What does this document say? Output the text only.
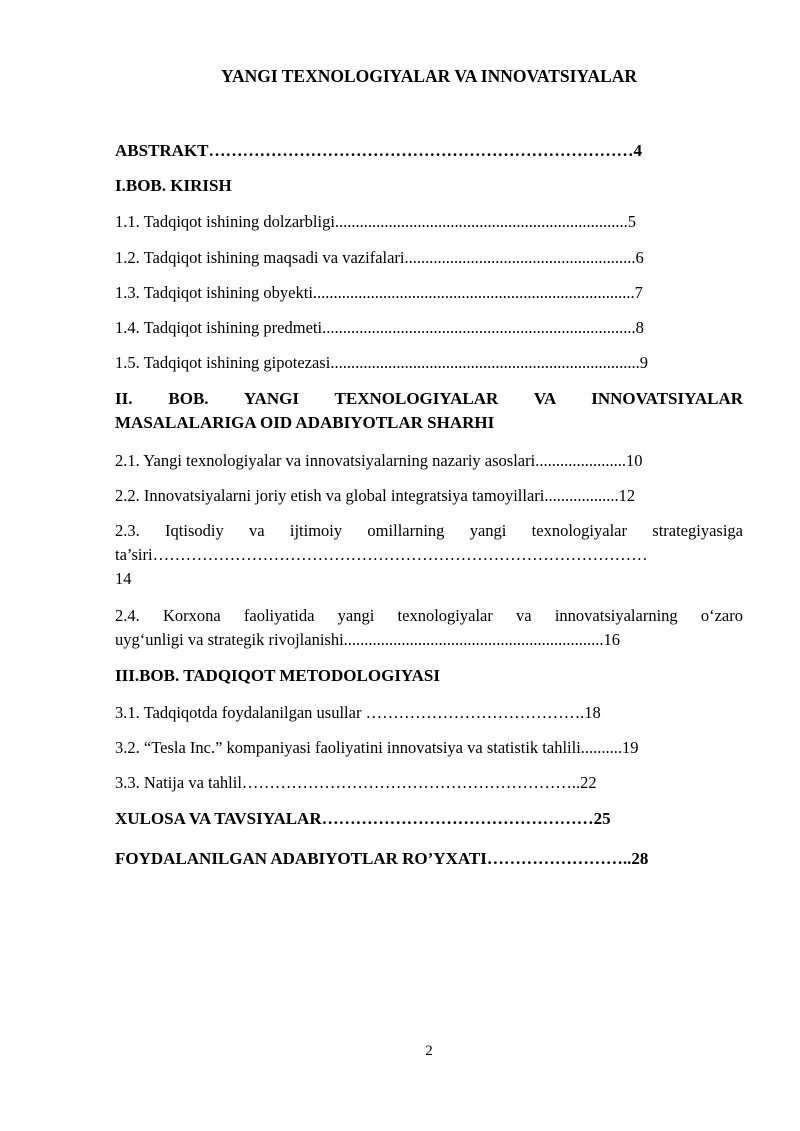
YANGI TEXNOLOGIYALAR VA INNOVATSIYALAR
ABSTRAKT…………………………………………………………………4
I.BOB. KIRISH
1.1. Tadqiqot ishining dolzarbligi.......................................................................5
1.2. Tadqiqot ishining maqsadi va vazifalari........................................................6
1.3. Tadqiqot ishining obyekti..............................................................................7
1.4. Tadqiqot ishining predmeti............................................................................8
1.5. Tadqiqot ishining gipotezasi...........................................................................9
II. BOB. YANGI TEXNOLOGIYALAR VA INNOVATSIYALAR
MASALALARIGA OID ADABIYOTLAR SHARHI
2.1. Yangi texnologiyalar va innovatsiyalarning nazariy asoslari......................10
2.2. Innovatsiyalarni joriy etish va global integratsiya tamoyillari..................12
2.3. Iqtisodiy va ijtimoiy omillarning yangi texnologiyalar strategiyasiga
ta’siri………………………………………………………………………………
14
2.4. Korxona faoliyatida yangi texnologiyalar va innovatsiyalarning o‘zaro
uyg‘unligi va strategik rivojlanishi...............................................................16
III.BOB. TADQIQOT METODOLOGIYASI
3.1. Tadqiqotda foydalanilgan usullar ………………………………….18
3.2. “Tesla Inc.” kompaniyasi faoliyatini innovatsiya va statistik tahlili..........19
3.3. Natija va tahlil……………………………………………………..22
XULOSA VA TAVSIYALAR…………………………………………25
FOYDALANILGAN ADABIYOTLAR RO’YXATI……………………..28
2
